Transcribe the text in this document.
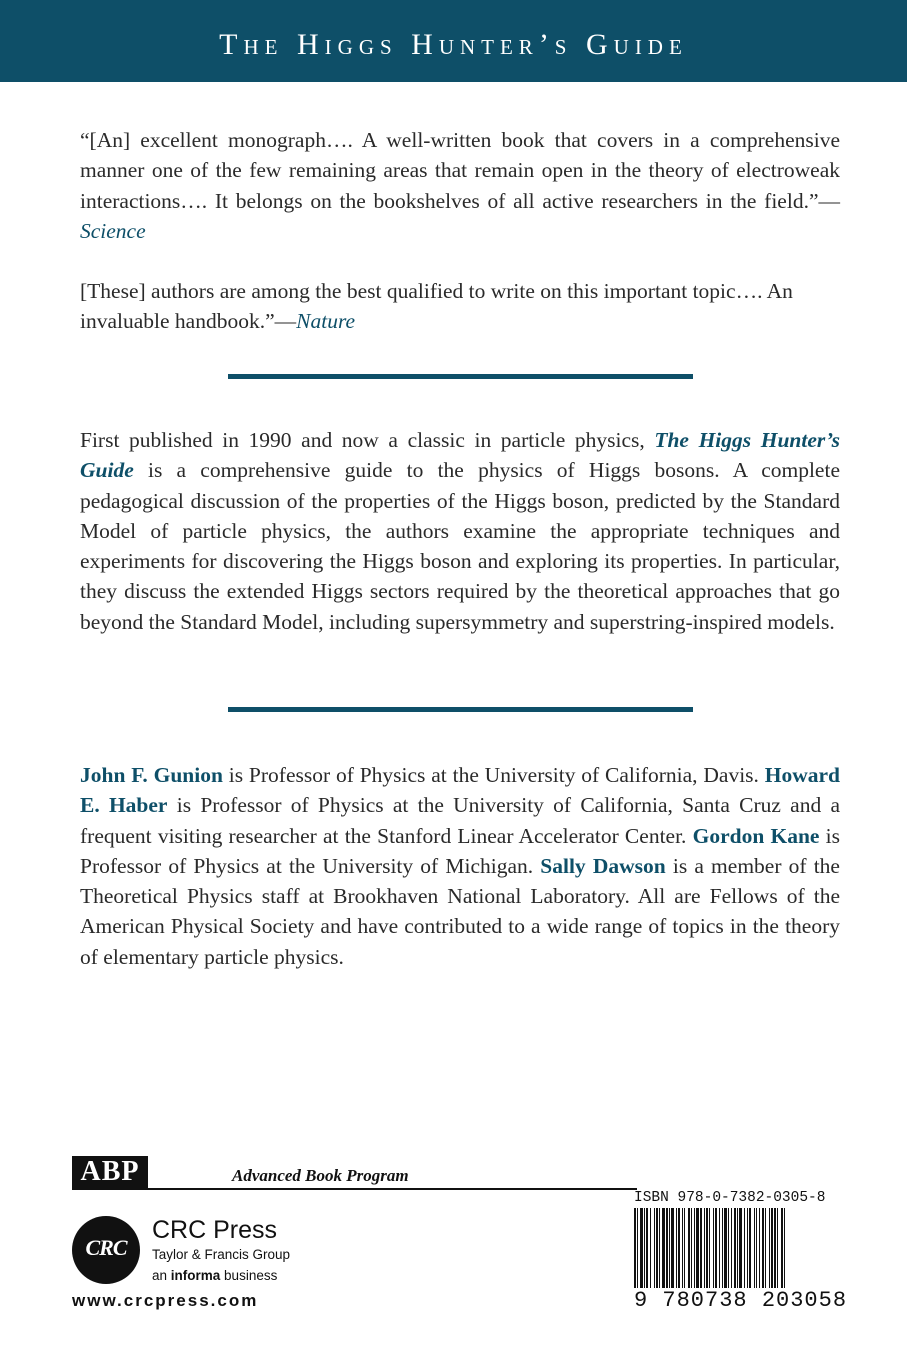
The Higgs Hunter’s Guide

“[An] excellent monograph…. A well-written book that covers in a comprehensive manner one of the few remaining areas that remain open in the theory of electroweak interactions…. It belongs on the bookshelves of all active researchers in the field.”—Science

[These] authors are among the best qualified to write on this important topic…. An invaluable handbook.”—Nature

First published in 1990 and now a classic in particle physics, The Higgs Hunter’s Guide is a comprehensive guide to the physics of Higgs bosons. A complete pedagogical discussion of the properties of the Higgs boson, predicted by the Standard Model of particle physics, the authors examine the appropriate techniques and experiments for discovering the Higgs boson and exploring its properties. In particular, they discuss the extended Higgs sectors required by the theoretical approaches that go beyond the Standard Model, including supersymmetry and superstring-inspired models.

John F. Gunion is Professor of Physics at the University of California, Davis. Howard E. Haber is Professor of Physics at the University of California, Santa Cruz and a frequent visiting researcher at the Stanford Linear Accelerator Center. Gordon Kane is Professor of Physics at the University of Michigan. Sally Dawson is a member of the Theoretical Physics staff at Brookhaven National Laboratory. All are Fellows of the American Physical Society and have contributed to a wide range of topics in the theory of elementary particle physics.

ABP	Advanced Book Program
CRC
CRC Press
Taylor & Francis Group
an informa business
www.crcpress.com
ISBN 978-0-7382-0305-8
9 780738 203058
